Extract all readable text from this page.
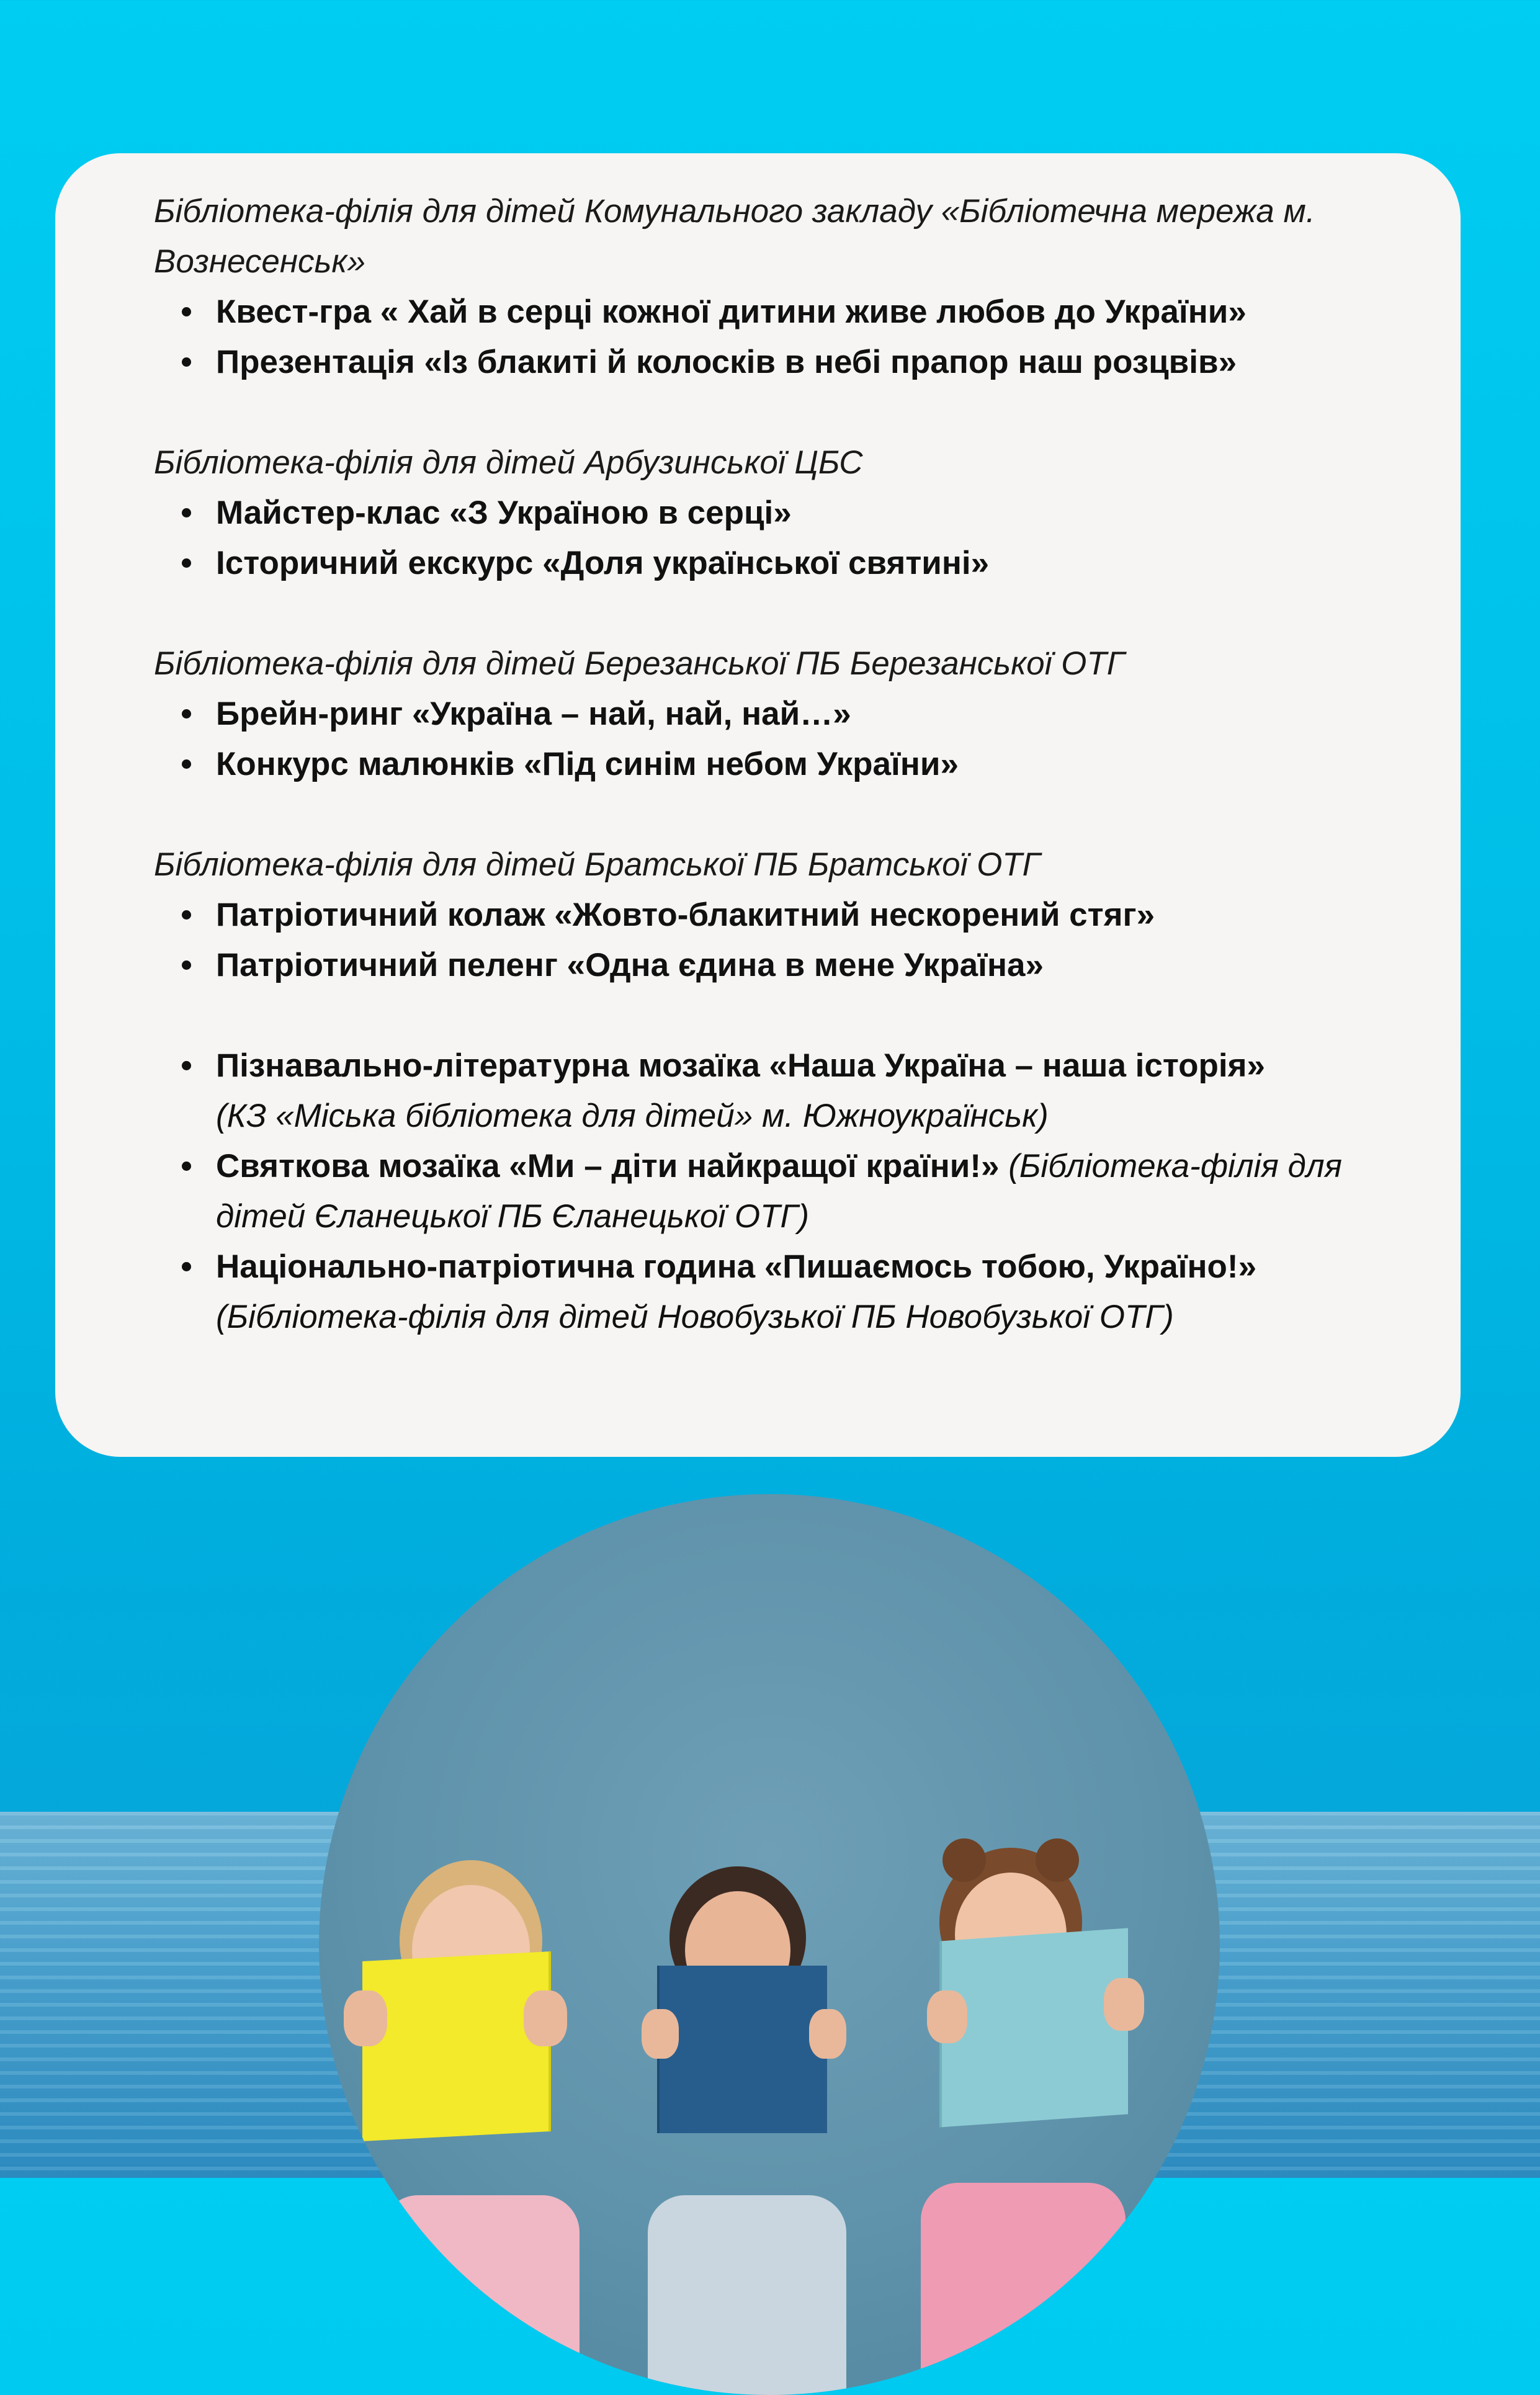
Бібліотека-філія для дітей Комунального закладу «Бібліотечна мережа м. Вознесенськ»

Квест-гра « Хай в серці кожної дитини живе любов до України»
Презентація «Із блакиті й колосків в небі прапор наш розцвів»

Бібліотека-філія для дітей Арбузинської ЦБС

Майстер-клас «З Україною в серці»
Історичний екскурс «Доля української святині»

Бібліотека-філія для дітей Березанської ПБ Березанської ОТГ

Брейн-ринг «Україна – най, най, най…»
Конкурс малюнків «Під синім небом України»

Бібліотека-філія для дітей Братської ПБ Братської ОТГ

Патріотичний колаж «Жовто-блакитний нескорений стяг»
Патріотичний пеленг «Одна єдина в мене Україна»
Пізнавально-літературна мозаїка «Наша Україна – наша історія»
(КЗ «Міська бібліотека для дітей» м. Южноукраїнськ)
Святкова мозаїка «Ми – діти найкращої країни!» (Бібліотека-філія для дітей Єланецької ПБ Єланецької ОТГ)
Національно-патріотична година «Пишаємось тобою, Україно!»
(Бібліотека-філія для дітей Новобузької ПБ Новобузької ОТГ)
